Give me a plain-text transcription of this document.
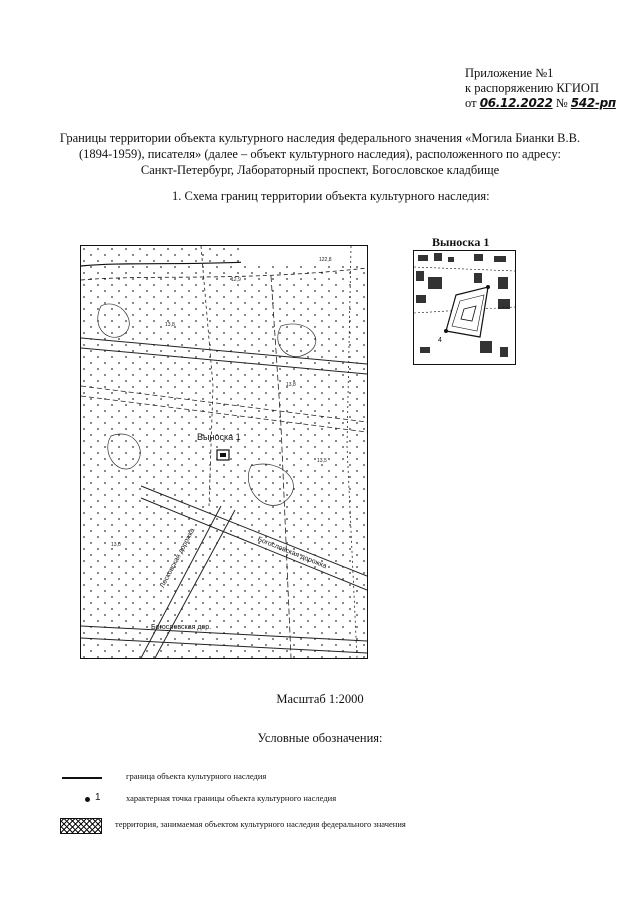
Приложение №1
к распоряжению КГИОП
от 06.12.2022 № 542-рп
Границы территории объекта культурного наследия федерального значения «Могила Бианки В.В.
(1894-1959), писателя» (далее – объект культурного наследия), расположенного по адресу:
Санкт-Петербург, Лабораторный проспект, Богословское кладбище
1. Схема границ территории объекта культурного наследия:
Выноска 1
122,8
12,9
13,8
13,8
13,5
13,0
Выноска 1
Богословская дорожка
Лесковская дорожка
Богословская дор.
4
Масштаб 1:2000
Условные обозначения:
граница объекта культурного наследия
1	характерная точка границы объекта культурного наследия
территория, занимаемая объектом культурного наследия федерального значения
